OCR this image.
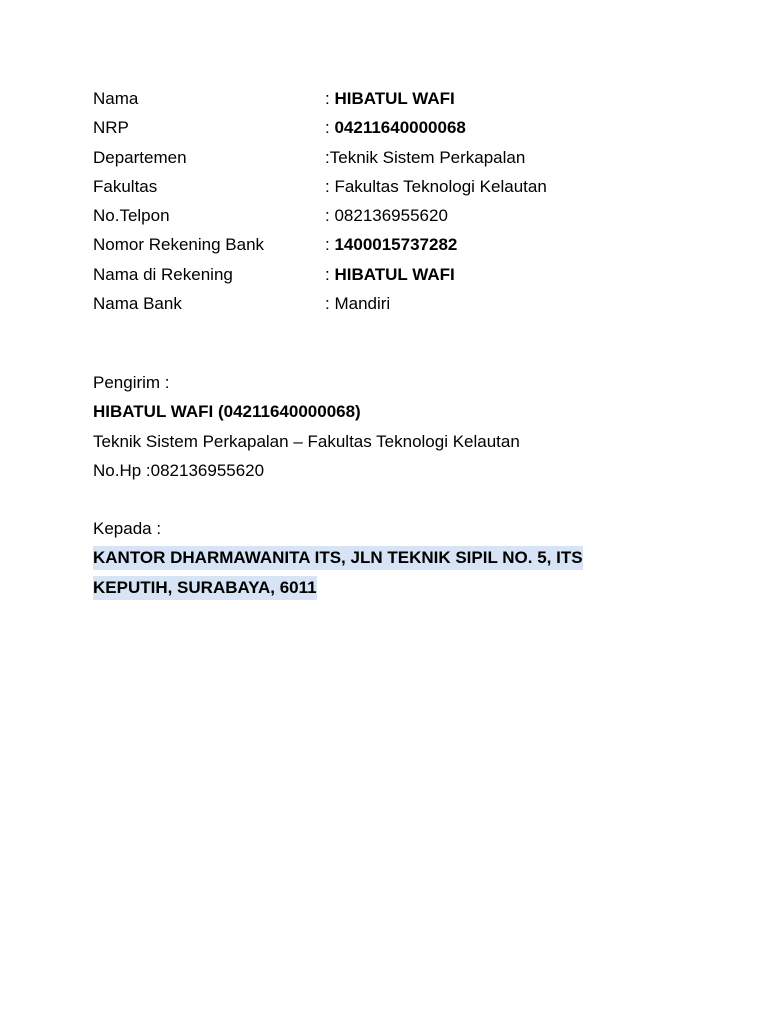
Nama	: HIBATUL WAFI
NRP	: 04211640000068
Departemen	: Teknik Sistem Perkapalan
Fakultas	: Fakultas Teknologi Kelautan
No.Telpon	: 082136955620
Nomor Rekening Bank	: 1400015737282
Nama di Rekening	: HIBATUL WAFI
Nama Bank	: Mandiri
Pengirim :
HIBATUL WAFI (04211640000068)
Teknik Sistem Perkapalan – Fakultas Teknologi Kelautan
No.Hp :082136955620
Kepada :
KANTOR DHARMAWANITA ITS, JLN TEKNIK SIPIL NO. 5, ITS
KEPUTIH, SURABAYA, 6011
